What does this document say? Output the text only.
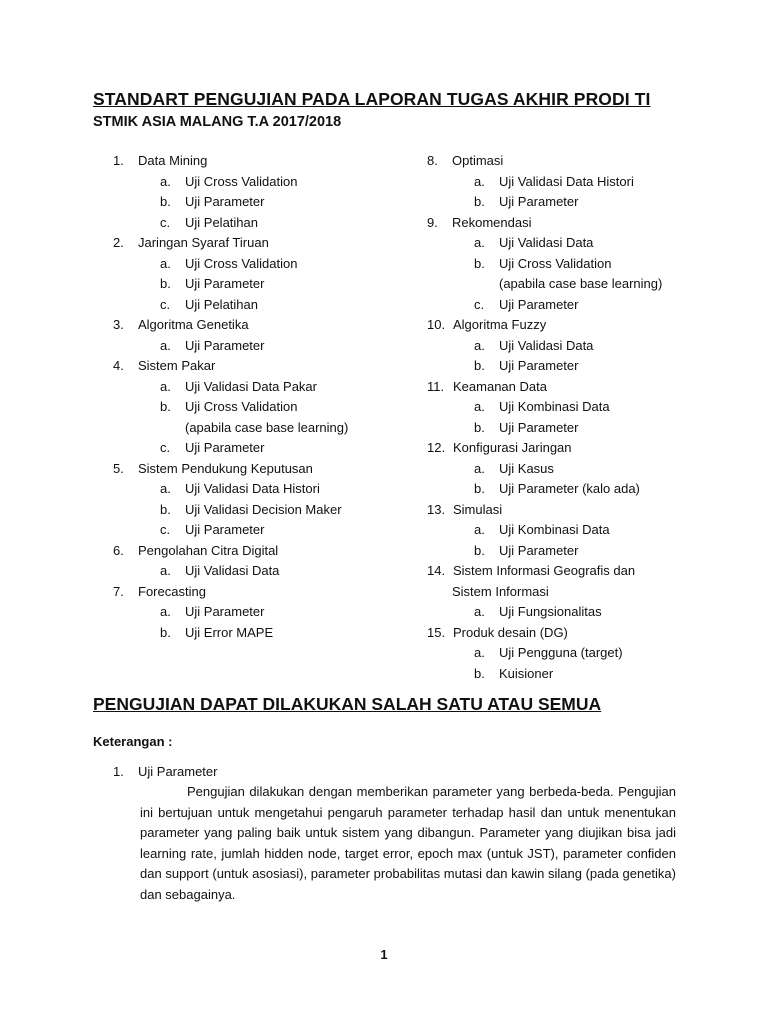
STANDART PENGUJIAN PADA LAPORAN TUGAS AKHIR PRODI TI
STMIK ASIA MALANG T.A 2017/2018
1. Data Mining
a. Uji Cross Validation
b. Uji Parameter
c. Uji Pelatihan
2. Jaringan Syaraf Tiruan
a. Uji Cross Validation
b. Uji Parameter
c. Uji Pelatihan
3. Algoritma Genetika
a. Uji Parameter
4. Sistem Pakar
a. Uji Validasi Data Pakar
b. Uji Cross Validation
(apabila case base learning)
c. Uji Parameter
5. Sistem Pendukung Keputusan
a. Uji Validasi Data Histori
b. Uji Validasi Decision Maker
c. Uji Parameter
6. Pengolahan Citra Digital
a. Uji Validasi Data
7. Forecasting
a. Uji Parameter
b. Uji Error MAPE
8. Optimasi
a. Uji Validasi Data Histori
b. Uji Parameter
9. Rekomendasi
a. Uji Validasi Data
b. Uji Cross Validation
(apabila case base learning)
c. Uji Parameter
10. Algoritma Fuzzy
a. Uji Validasi Data
b. Uji Parameter
11. Keamanan Data
a. Uji Kombinasi Data
b. Uji Parameter
12. Konfigurasi Jaringan
a. Uji Kasus
b. Uji Parameter (kalo ada)
13. Simulasi
a. Uji Kombinasi Data
b. Uji Parameter
14. Sistem Informasi Geografis dan
Sistem Informasi
a. Uji Fungsionalitas
15. Produk desain (DG)
a. Uji Pengguna (target)
b. Kuisioner
PENGUJIAN DAPAT DILAKUKAN SALAH SATU ATAU SEMUA
Keterangan :
1. Uji Parameter
Pengujian dilakukan dengan memberikan parameter yang berbeda-beda. Pengujian ini bertujuan untuk mengetahui pengaruh parameter terhadap hasil dan untuk menentukan parameter yang paling baik untuk sistem yang dibangun. Parameter yang diujikan bisa jadi learning rate, jumlah hidden node, target error, epoch max (untuk JST), parameter confiden dan support (untuk asosiasi), parameter probabilitas mutasi dan kawin silang (pada genetika) dan sebagainya.
1
